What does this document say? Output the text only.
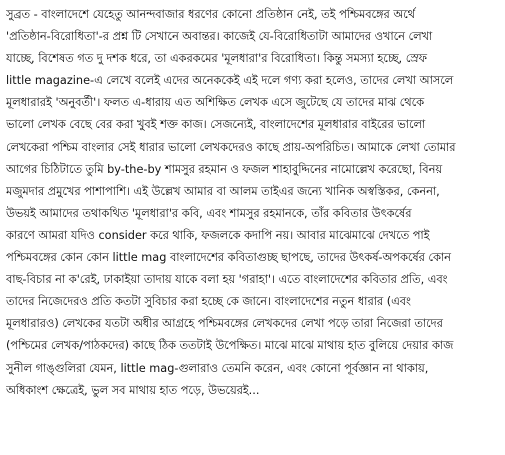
সুব্রত - বাংলাদেশে যেহেতু আনন্দবাজার ধরণের কোনো প্রতিষ্ঠান নেই, তই পশ্চিমবঙ্গের অর্থে
'প্রতিষ্ঠান-বিরোধিতা'-র প্রশ্ন টি সেখানে অবান্তর। কাজেই যে-বিরোধিতাটা আমাদের ওখানে লেখা
যাচ্ছে, বিশেষত গত দু দশক ধরে, তা একরকমের 'মূলধারা'র বিরোধিতা। কিন্তু সমস্যা হচ্ছে, স্রেফ
little magazine-এ লেখে বলেই এদের অনেককেই এই দলে গণ্য করা হলেও, তাদের লেখা আসলে
মূলধারারই 'অনুবর্তী'। ফলত এ-ধারায় এত অশিক্ষিত লেখক এসে জুটেছে যে তাদের মাঝ থেকে
ভালো লেখক বেছে বের করা খুবই শক্ত কাজ। সেজন্যেই, বাংলাদেশের মূলধারার বাইরের ভালো
লেখকেরা পশ্চিম বাংলার সেই ধারার ভালো লেখকদেরও কাছে প্রায়-অপরিচিত। আমাকে লেখা তোমার
আগের চিঠিটাতে তুমি by-the-by শামসুর রহমান ও ফজল শাহাবুদ্দিনের নামোল্লেখ করেছো, বিনয়
মজুমদার প্রমুখের পাশাপাশি। এই উল্লেখ আমার বা আলম তাইএর জন্যে খানিক অস্বস্তিকর, কেননা,
উভয়ই আমাদের তথাকথিত 'মূলধারা'র কবি, এবং শামসুর রহমানকে, তাঁর কবিতার উৎকর্ষের
কারণে আমরা যদিও consider করে থাকি, ফজলকে কদাপি নয়। আবার মাঝেমাঝে দেখতে পাই
পশ্চিমবঙ্গের কোন কোন little mag বাংলাদেশের কবিতাগুচ্ছ ছাপছে, তাদের উৎকর্ষ-অপকর্ষের কোন
বাছ-বিচার না ক'রেই, ঢাকাইয়া তাদায় যাকে বলা হয় 'গরাহা'। এতে বাংলাদেশের কবিতার প্রতি, এবং
তাদের নিজেদেরও প্রতি কতটা সুবিচার করা হচ্ছে কে জানে। বাংলাদেশের নতুন ধারার (এবং
মূলধারারও) লেখকের যতটা অধীর আগ্রহে পশ্চিমবঙ্গের লেখকদের লেখা পড়ে তারা নিজেরা তাদের
(পশ্চিমের লেখক/পাঠকদের) কাছে ঠিক ততটাই উপেক্ষিত। মাঝে মাঝে মাথায় হাত বুলিয়ে দেয়ার কাজ
সুনীল গাঙ্গুলিরা যেমন, little mag-গুলারাও তেমনি করেন, এবং কোনো পূর্বজ্ঞান না থাকায়,
অধিকাংশ ক্ষেত্রেই, ভুল সব মাথায় হাত পড়ে, উভয়েরই...
